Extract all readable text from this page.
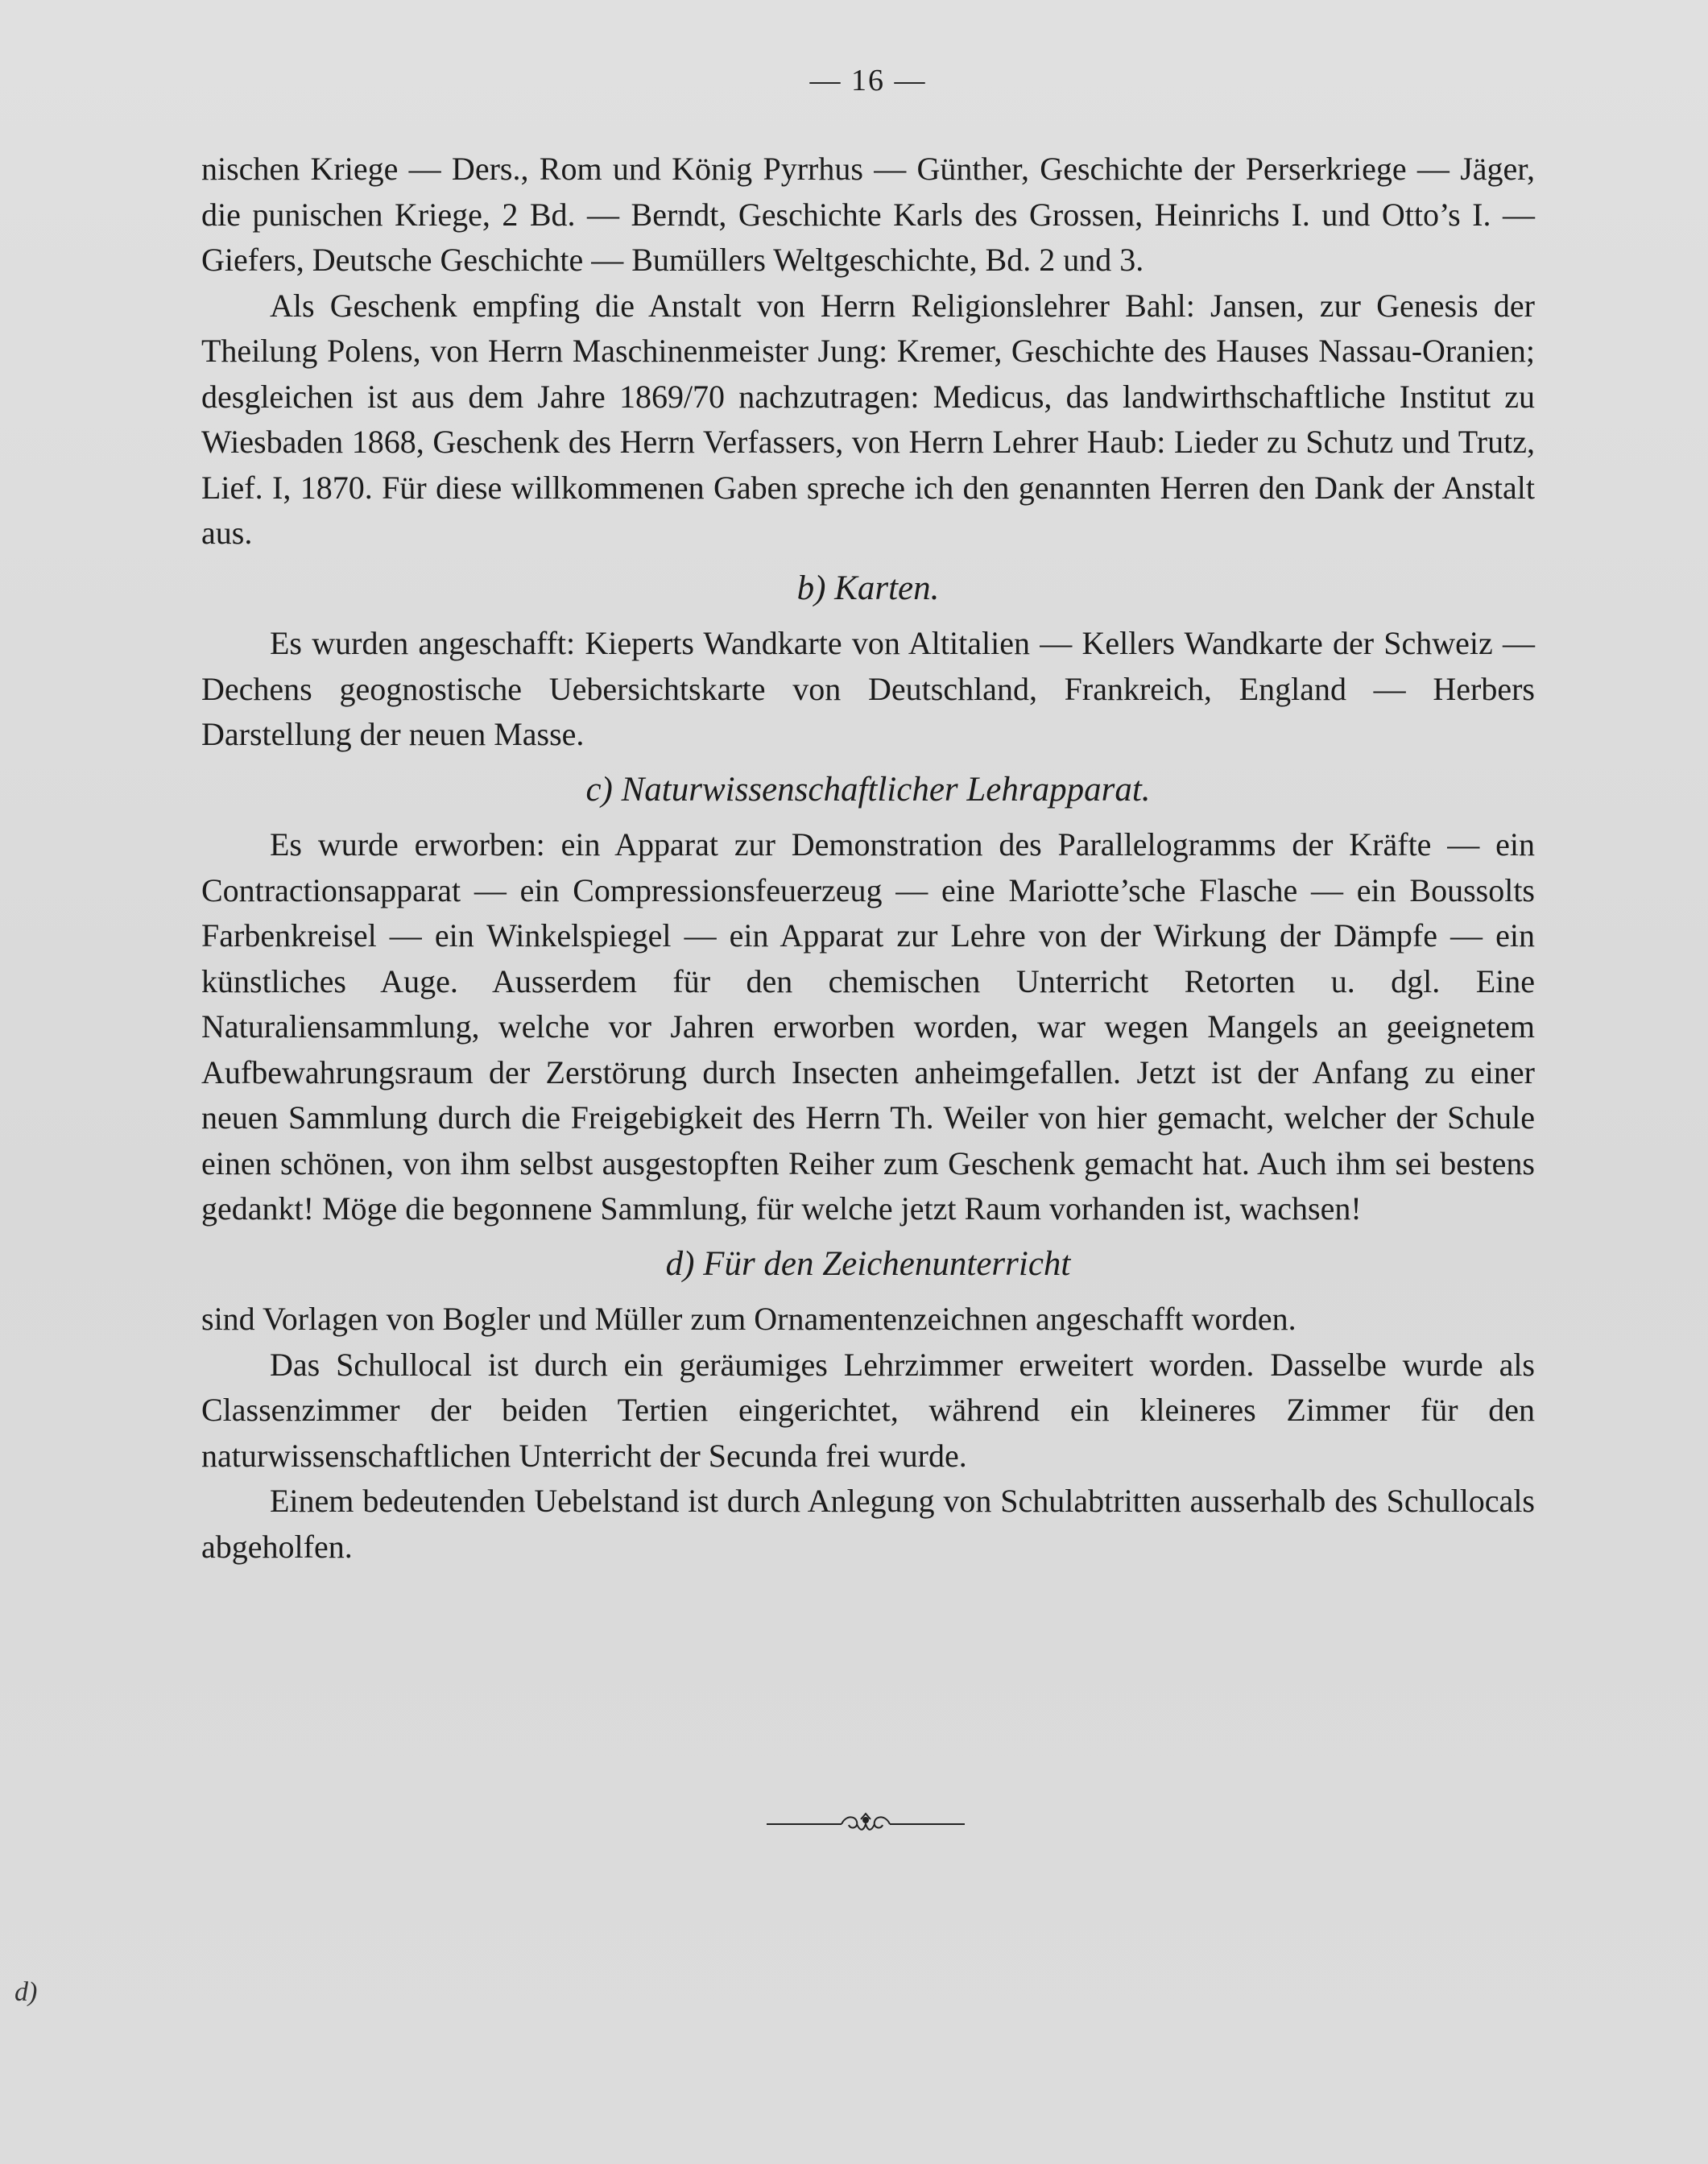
— 16 —

nischen Kriege — Ders., Rom und König Pyrrhus — Günther, Geschichte der Perserkriege — Jäger, die punischen Kriege, 2 Bd. — Berndt, Geschichte Karls des Grossen, Heinrichs I. und Otto’s I. — Giefers, Deutsche Geschichte — Bumüllers Weltgeschichte, Bd. 2 und 3.

Als Geschenk empfing die Anstalt von Herrn Religionslehrer Bahl: Jansen, zur Genesis der Theilung Polens, von Herrn Maschinenmeister Jung: Kremer, Geschichte des Hauses Nassau-Oranien; desgleichen ist aus dem Jahre 1869/70 nachzutragen: Medicus, das landwirthschaftliche Institut zu Wiesbaden 1868, Geschenk des Herrn Verfassers, von Herrn Lehrer Haub: Lieder zu Schutz und Trutz, Lief. I, 1870. Für diese willkommenen Gaben spreche ich den genannten Herren den Dank der Anstalt aus.

b) Karten.

Es wurden angeschafft: Kieperts Wandkarte von Altitalien — Kellers Wandkarte der Schweiz — Dechens geognostische Uebersichtskarte von Deutschland, Frankreich, England — Herbers Darstellung der neuen Masse.

c) Naturwissenschaftlicher Lehrapparat.

Es wurde erworben: ein Apparat zur Demonstration des Parallelogramms der Kräfte — ein Contractionsapparat — ein Compressionsfeuerzeug — eine Mariotte’sche Flasche — ein Boussolts Farbenkreisel — ein Winkelspiegel — ein Apparat zur Lehre von der Wirkung der Dämpfe — ein künstliches Auge. Ausserdem für den chemischen Unterricht Retorten u. dgl. Eine Naturaliensammlung, welche vor Jahren erworben worden, war wegen Mangels an geeignetem Aufbewahrungsraum der Zerstörung durch Insecten anheimgefallen. Jetzt ist der Anfang zu einer neuen Sammlung durch die Freigebigkeit des Herrn Th. Weiler von hier gemacht, welcher der Schule einen schönen, von ihm selbst ausgestopften Reiher zum Geschenk gemacht hat. Auch ihm sei bestens gedankt! Möge die begonnene Sammlung, für welche jetzt Raum vorhanden ist, wachsen!

d) Für den Zeichenunterricht

sind Vorlagen von Bogler und Müller zum Ornamentenzeichnen angeschafft worden.

Das Schullocal ist durch ein geräumiges Lehrzimmer erweitert worden. Dasselbe wurde als Classenzimmer der beiden Tertien eingerichtet, während ein kleineres Zimmer für den naturwissenschaftlichen Unterricht der Secunda frei wurde.

Einem bedeutenden Uebelstand ist durch Anlegung von Schulabtritten ausserhalb des Schullocals abgeholfen.

d)
